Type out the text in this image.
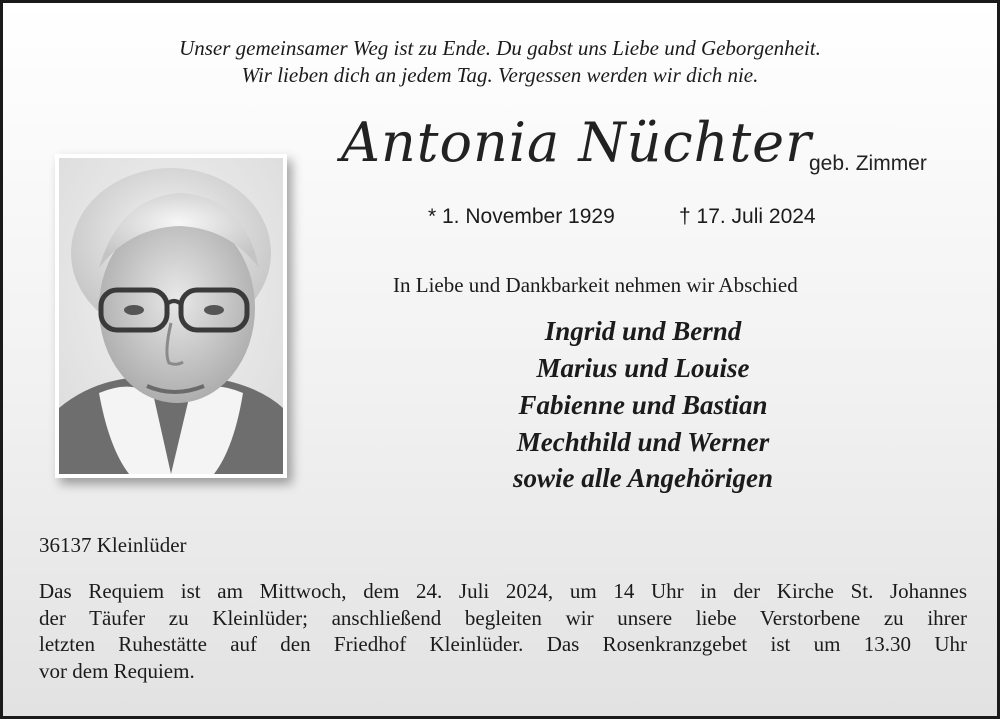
Unser gemeinsamer Weg ist zu Ende. Du gabst uns Liebe und Geborgenheit.
Wir lieben dich an jedem Tag. Vergessen werden wir dich nie.
Antonia Nüchter
geb. Zimmer
* 1. November 1929	† 17. Juli 2024
In Liebe und Dankbarkeit nehmen wir Abschied
Ingrid und Bernd
Marius und Louise
Fabienne und Bastian
Mechthild und Werner
sowie alle Angehörigen
36137 Kleinlüder
Das Requiem ist am Mittwoch, dem 24. Juli 2024, um 14 Uhr in der Kirche St. Johannes
der Täufer zu Kleinlüder; anschließend begleiten wir unsere liebe Verstorbene zu ihrer
letzten Ruhestätte auf den Friedhof Kleinlüder. Das Rosenkranzgebet ist um 13.30 Uhr
vor dem Requiem.
